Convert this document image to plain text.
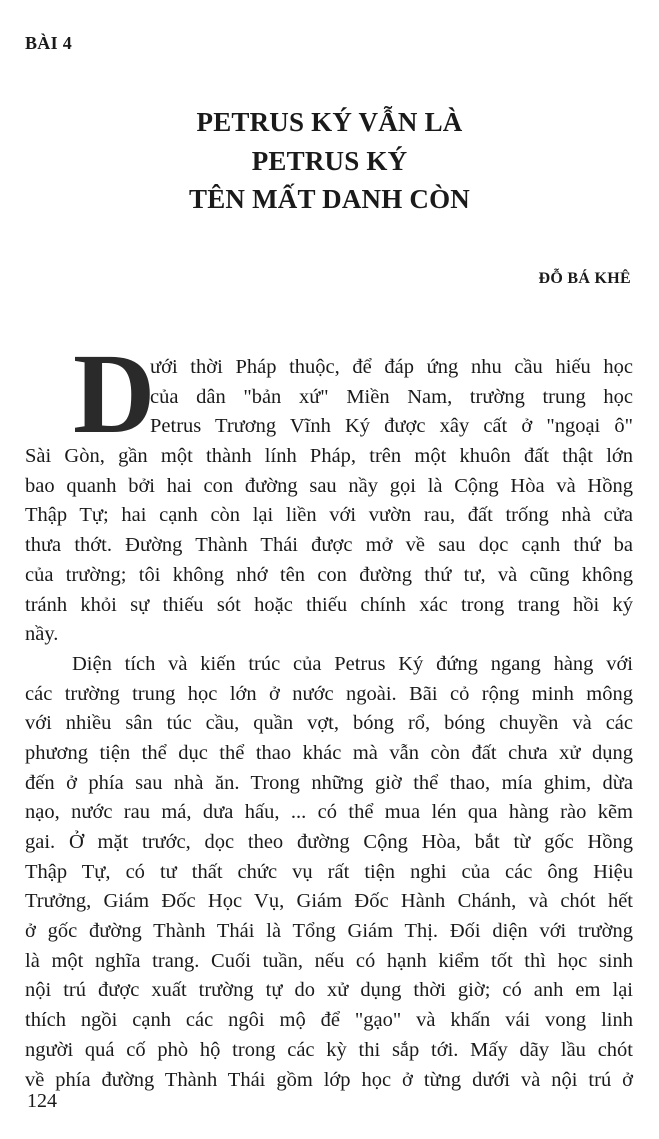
BÀI 4
PETRUS KÝ VẪN LÀ
PETRUS KÝ
TÊN MẤT DANH CÒN
ĐỖ BÁ KHÊ
D
ưới thời Pháp thuộc, để đáp ứng nhu cầu hiếu học
của dân "bản xứ" Miền Nam, trường trung học
Petrus Trương Vĩnh Ký được xây cất ở "ngoại ô"
Sài Gòn, gần một thành lính Pháp, trên một khuôn đất thật lớn
bao quanh bởi hai con đường sau nầy gọi là Cộng Hòa và Hồng
Thập Tự; hai cạnh còn lại liền với vườn rau, đất trống nhà cửa
thưa thớt. Đường Thành Thái được mở về sau dọc cạnh thứ ba
của trường; tôi không nhớ tên con đường thứ tư, và cũng không
tránh khỏi sự thiếu sót hoặc thiếu chính xác trong trang hồi ký
nầy.
Diện tích và kiến trúc của Petrus Ký đứng ngang hàng với
các trường trung học lớn ở nước ngoài. Bãi cỏ rộng minh mông
với nhiều sân túc cầu, quần vợt, bóng rổ, bóng chuyền và các
phương tiện thể dục thể thao khác mà vẫn còn đất chưa xử dụng
đến ở phía sau nhà ăn. Trong những giờ thể thao, mía ghim, dừa
nạo, nước rau má, dưa hấu, ... có thể mua lén qua hàng rào kẽm
gai. Ở mặt trước, dọc theo đường Cộng Hòa, bắt từ gốc Hồng
Thập Tự, có tư thất chức vụ rất tiện nghi của các ông Hiệu
Trưởng, Giám Đốc Học Vụ, Giám Đốc Hành Chánh, và chót hết
ở gốc đường Thành Thái là Tổng Giám Thị. Đối diện với trường
là một nghĩa trang. Cuối tuần, nếu có hạnh kiểm tốt thì học sinh
nội trú được xuất trường tự do xử dụng thời giờ; có anh em lại
thích ngồi cạnh các ngôi mộ để "gạo" và khấn vái vong linh
người quá cố phò hộ trong các kỳ thi sắp tới. Mấy dãy lầu chót
về phía đường Thành Thái gồm lớp học ở từng dưới và nội trú ở
124
